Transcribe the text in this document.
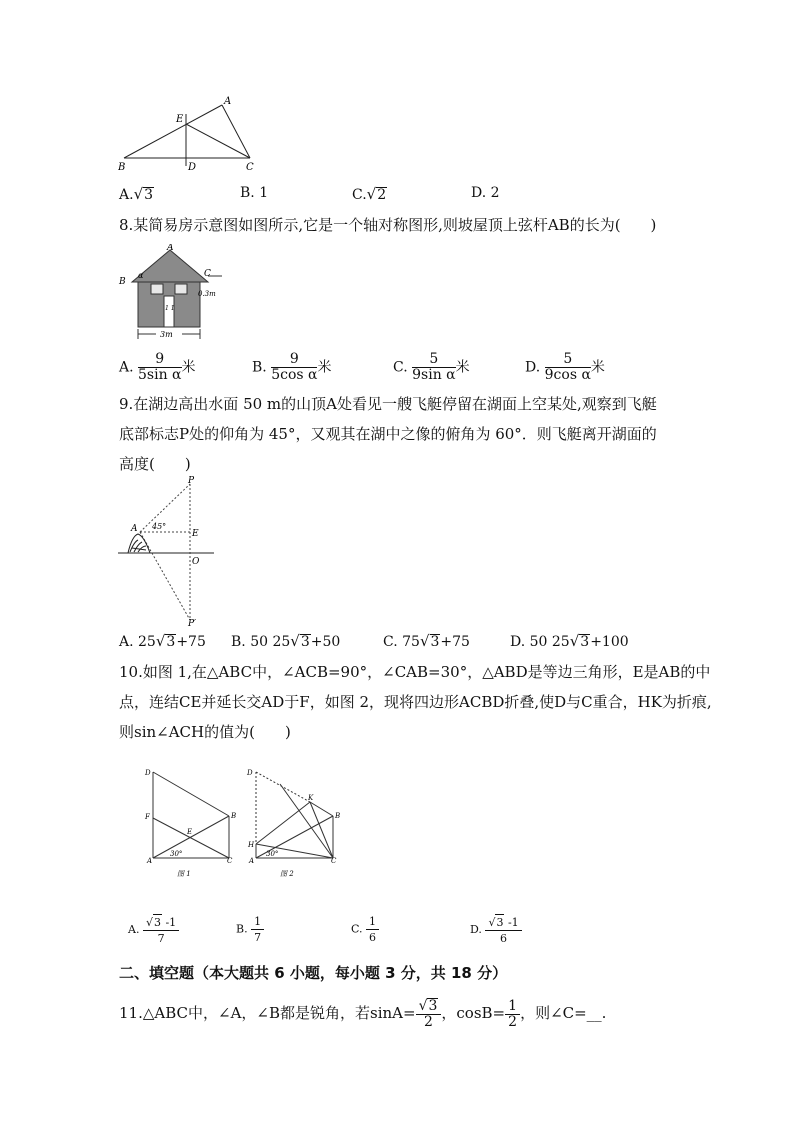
A
B	C
D
E
A.√3	B. 1	C.√2	D. 2
8.某简易房示意图如图所示,它是一个轴对称图形,则坡屋顶上弦杆AB的长为(　　)
1 1
3m
0.3m
A
B
C
α
A. $\frac{9}{\text{5sin α}}$ 米	B. $\frac{9}{\text{5cos α}}$ 米	C. $\frac{5}{\text{9sin α}}$ 米	D. $\frac{5}{\text{9cos α}}$ 米
9.在湖边高出水面 50 m的山顶A处看见一艘飞艇停留在湖面上空某处,观察到飞艇
底部标志P处的仰角为 45°，又观其在湖中之像的俯角为 60°．则飞艇离开湖面的
高度(　　)
P
A	E
O
P′
45°
A. 25√3+75 B. 50 25√3+50	C. 75√3+75	D. 50 25√3+100
10.如图 1,在△ABC中，∠ACB=90°，∠CAB=30°，△ABD是等边三角形，E是AB的中
点，连结CE并延长交AD于F，如图 2，现将四边形ACBD折叠,使D与C重合，HK为折痕,
则sin∠ACH的值为(　　)
D
F
E
B
A	C
30°
图 1
D
K
B
H
A	C
30°
图 2
A. $\frac{√3 -1}{7}$	B. $\frac{1}{7}$	C. $\frac{1}{6}$	D. $\frac{√3 -1}{6}$
二、填空题（本大题共 6 小题，每小题 3 分，共 18 分）
11.△ABC中，∠A，∠B都是锐角，若$\sin A= \frac{√3}{2}$ ，$\cos B= \frac{1}{2}$ ，则∠C=__.
